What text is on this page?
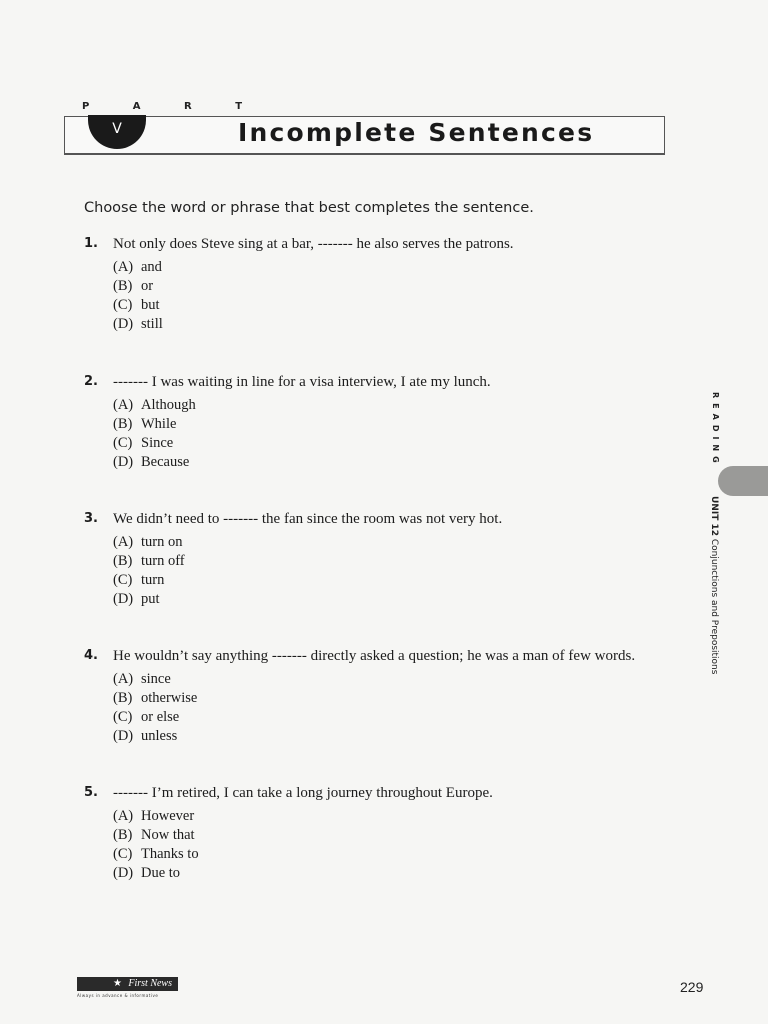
P A R T
V	Incomplete Sentences
Choose the word or phrase that best completes the sentence.
1. Not only does Steve sing at a bar, ------- he also serves the patrons.
(A) and
(B) or
(C) but
(D) still
2. ------- I was waiting in line for a visa interview, I ate my lunch.
(A) Although
(B) While
(C) Since
(D) Because
3. We didn’t need to ------- the fan since the room was not very hot.
(A) turn on
(B) turn off
(C) turn
(D) put
4. He wouldn’t say anything ------- directly asked a question; he was a man of few words.
(A) since
(B) otherwise
(C) or else
(D) unless
5. ------- I’m retired, I can take a long journey throughout Europe.
(A) However
(B) Now that
(C) Thanks to
(D) Due to
READING
UNIT 12 Conjunctions and Prepositions
★ First News
Always in advance & informative
229
